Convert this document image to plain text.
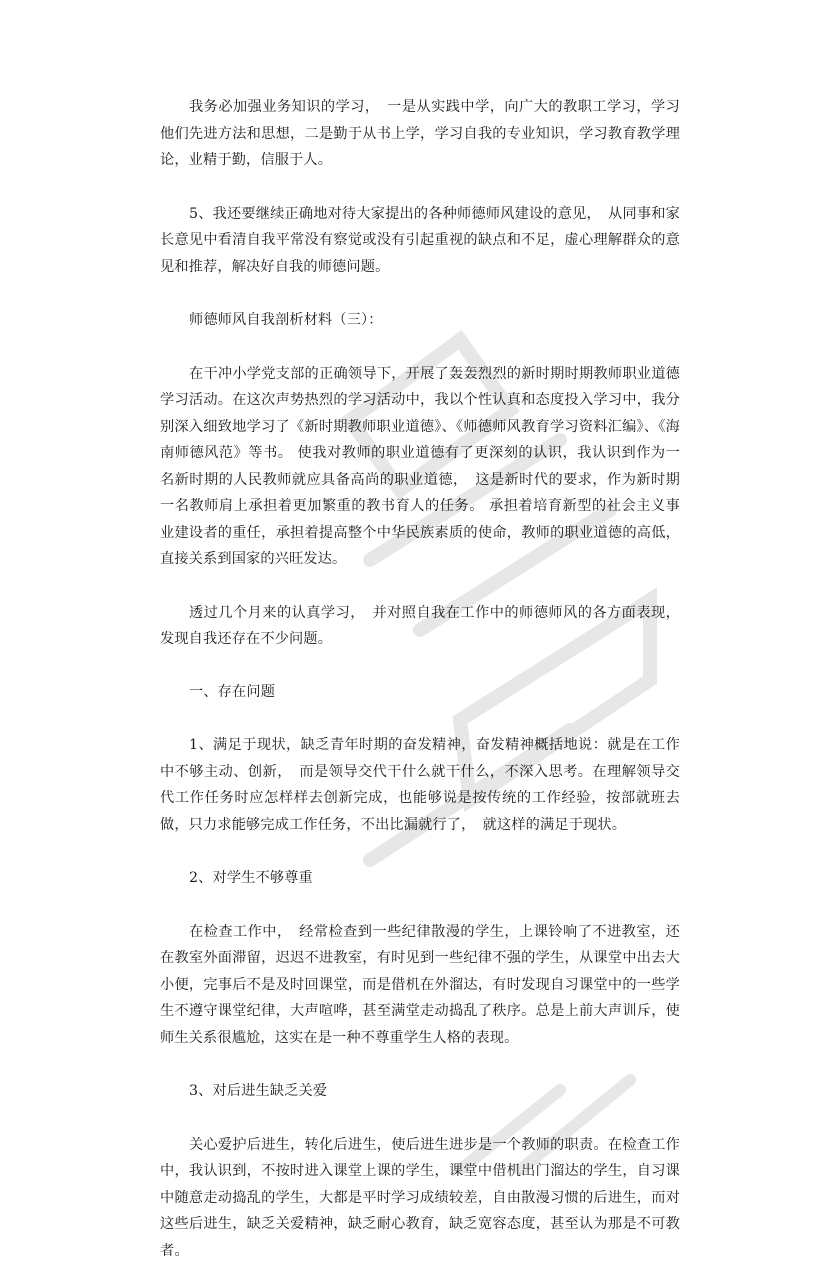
我务必加强业务知识的学习，　一是从实践中学，向广大的教职工学习，学习他们先进方法和思想，二是勤于从书上学，学习自我的专业知识，学习教育教学理论，业精于勤，信服于人。

5、我还要继续正确地对待大家提出的各种师德师风建设的意见，　从同事和家长意见中看清自我平常没有察觉或没有引起重视的缺点和不足，虚心理解群众的意见和推荐，解决好自我的师德问题。

师德师风自我剖析材料（三）：

在干冲小学党支部的正确领导下，开展了轰轰烈烈的新时期时期教师职业道德学习活动。在这次声势热烈的学习活动中，我以个性认真和态度投入学习中，我分别深入细致地学习了《新时期教师职业道德》、《师德师风教育学习资料汇编》、《海南师德风范》等书。 使我对教师的职业道德有了更深刻的认识，我认识到作为一名新时期的人民教师就应具备高尚的职业道德，　这是新时代的要求，作为新时期一名教师肩上承担着更加繁重的教书育人的任务。 承担着培育新型的社会主义事业建设者的重任，承担着提高整个中华民族素质的使命，教师的职业道德的高低，直接关系到国家的兴旺发达。

透过几个月来的认真学习，　并对照自我在工作中的师德师风的各方面表现，发现自我还存在不少问题。

一、存在问题

1、满足于现状，缺乏青年时期的奋发精神，奋发精神概括地说：就是在工作中不够主动、创新，　而是领导交代干什么就干什么，不深入思考。在理解领导交代工作任务时应怎样样去创新完成，也能够说是按传统的工作经验，按部就班去做，只力求能够完成工作任务，不出比漏就行了，　就这样的满足于现状。

2、对学生不够尊重

在检查工作中，　经常检查到一些纪律散漫的学生，上课铃响了不进教室，还在教室外面滞留，迟迟不进教室，有时见到一些纪律不强的学生，从课堂中出去大小便，完事后不是及时回课堂，而是借机在外溜达，有时发现自习课堂中的一些学生不遵守课堂纪律，大声喧哗，甚至满堂走动捣乱了秩序。总是上前大声训斥，使师生关系很尴尬，这实在是一种不尊重学生人格的表现。

3、对后进生缺乏关爱

关心爱护后进生，转化后进生，使后进生进步是一个教师的职责。在检查工作中，我认识到，不按时进入课堂上课的学生，课堂中借机出门溜达的学生，自习课中随意走动捣乱的学生，大都是平时学习成绩较差，自由散漫习惯的后进生，而对这些后进生，缺乏关爱精神，缺乏耐心教育，缺乏宽容态度，甚至认为那是不可教者。
